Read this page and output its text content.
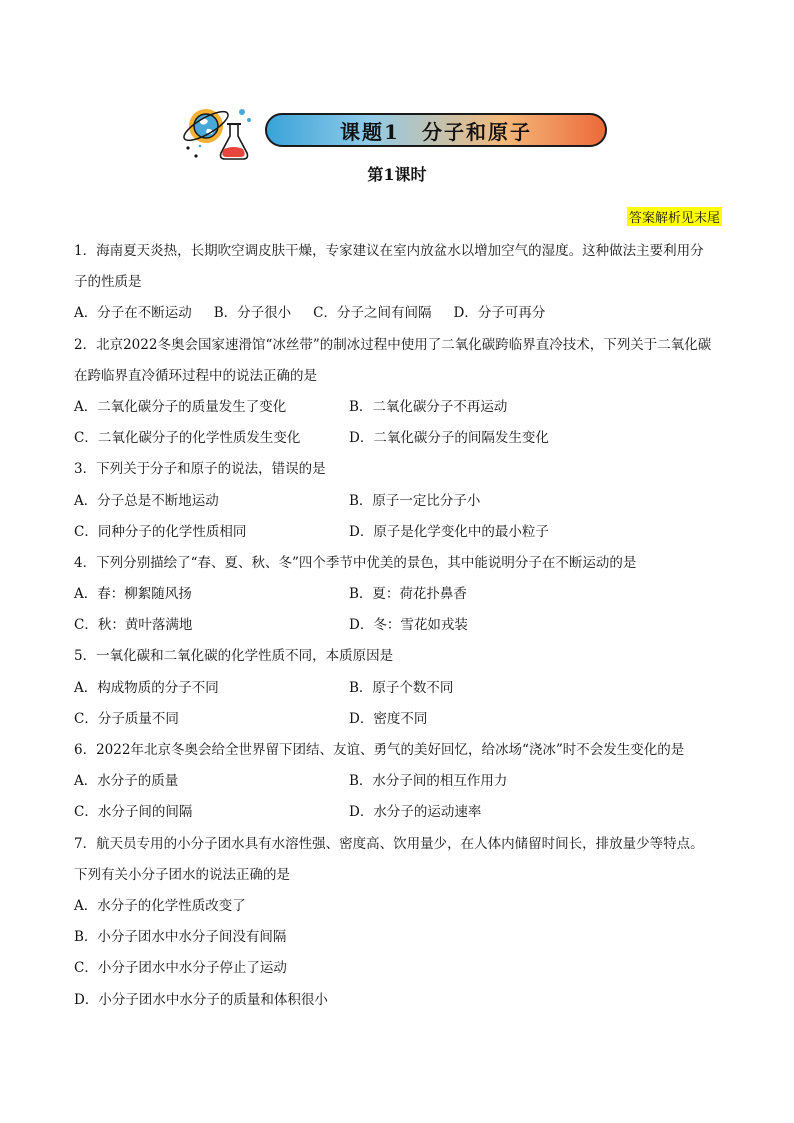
课题1　分子和原子
第1课时
答案解析见末尾
1．海南夏天炎热，长期吹空调皮肤干燥，专家建议在室内放盆水以增加空气的湿度。这种做法主要利用分
子的性质是
A．分子在不断运动 B．分子很小 C．分子之间有间隔 D．分子可再分
2．北京2022冬奥会国家速滑馆“冰丝带”的制冰过程中使用了二氧化碳跨临界直冷技术，下列关于二氧化碳
在跨临界直冷循环过程中的说法正确的是
A．二氧化碳分子的质量发生了变化	B．二氧化碳分子不再运动
C．二氧化碳分子的化学性质发生变化	D．二氧化碳分子的间隔发生变化
3．下列关于分子和原子的说法，错误的是
A．分子总是不断地运动	B．原子一定比分子小
C．同种分子的化学性质相同	D．原子是化学变化中的最小粒子
4．下列分别描绘了“春、夏、秋、冬”四个季节中优美的景色，其中能说明分子在不断运动的是
A．春：柳絮随风扬	B．夏：荷花扑鼻香
C．秋：黄叶落满地	D．冬：雪花如戎装
5．一氧化碳和二氧化碳的化学性质不同，本质原因是
A．构成物质的分子不同	B．原子个数不同
C．分子质量不同	D．密度不同
6．2022年北京冬奥会给全世界留下团结、友谊、勇气的美好回忆，给冰场“浇冰”时不会发生变化的是
A．水分子的质量	B．水分子间的相互作用力
C．水分子间的间隔	D．水分子的运动速率
7．航天员专用的小分子团水具有水溶性强、密度高、饮用量少，在人体内储留时间长，排放量少等特点。
下列有关小分子团水的说法正确的是
A．水分子的化学性质改变了
B．小分子团水中水分子间没有间隔
C．小分子团水中水分子停止了运动
D．小分子团水中水分子的质量和体积很小
